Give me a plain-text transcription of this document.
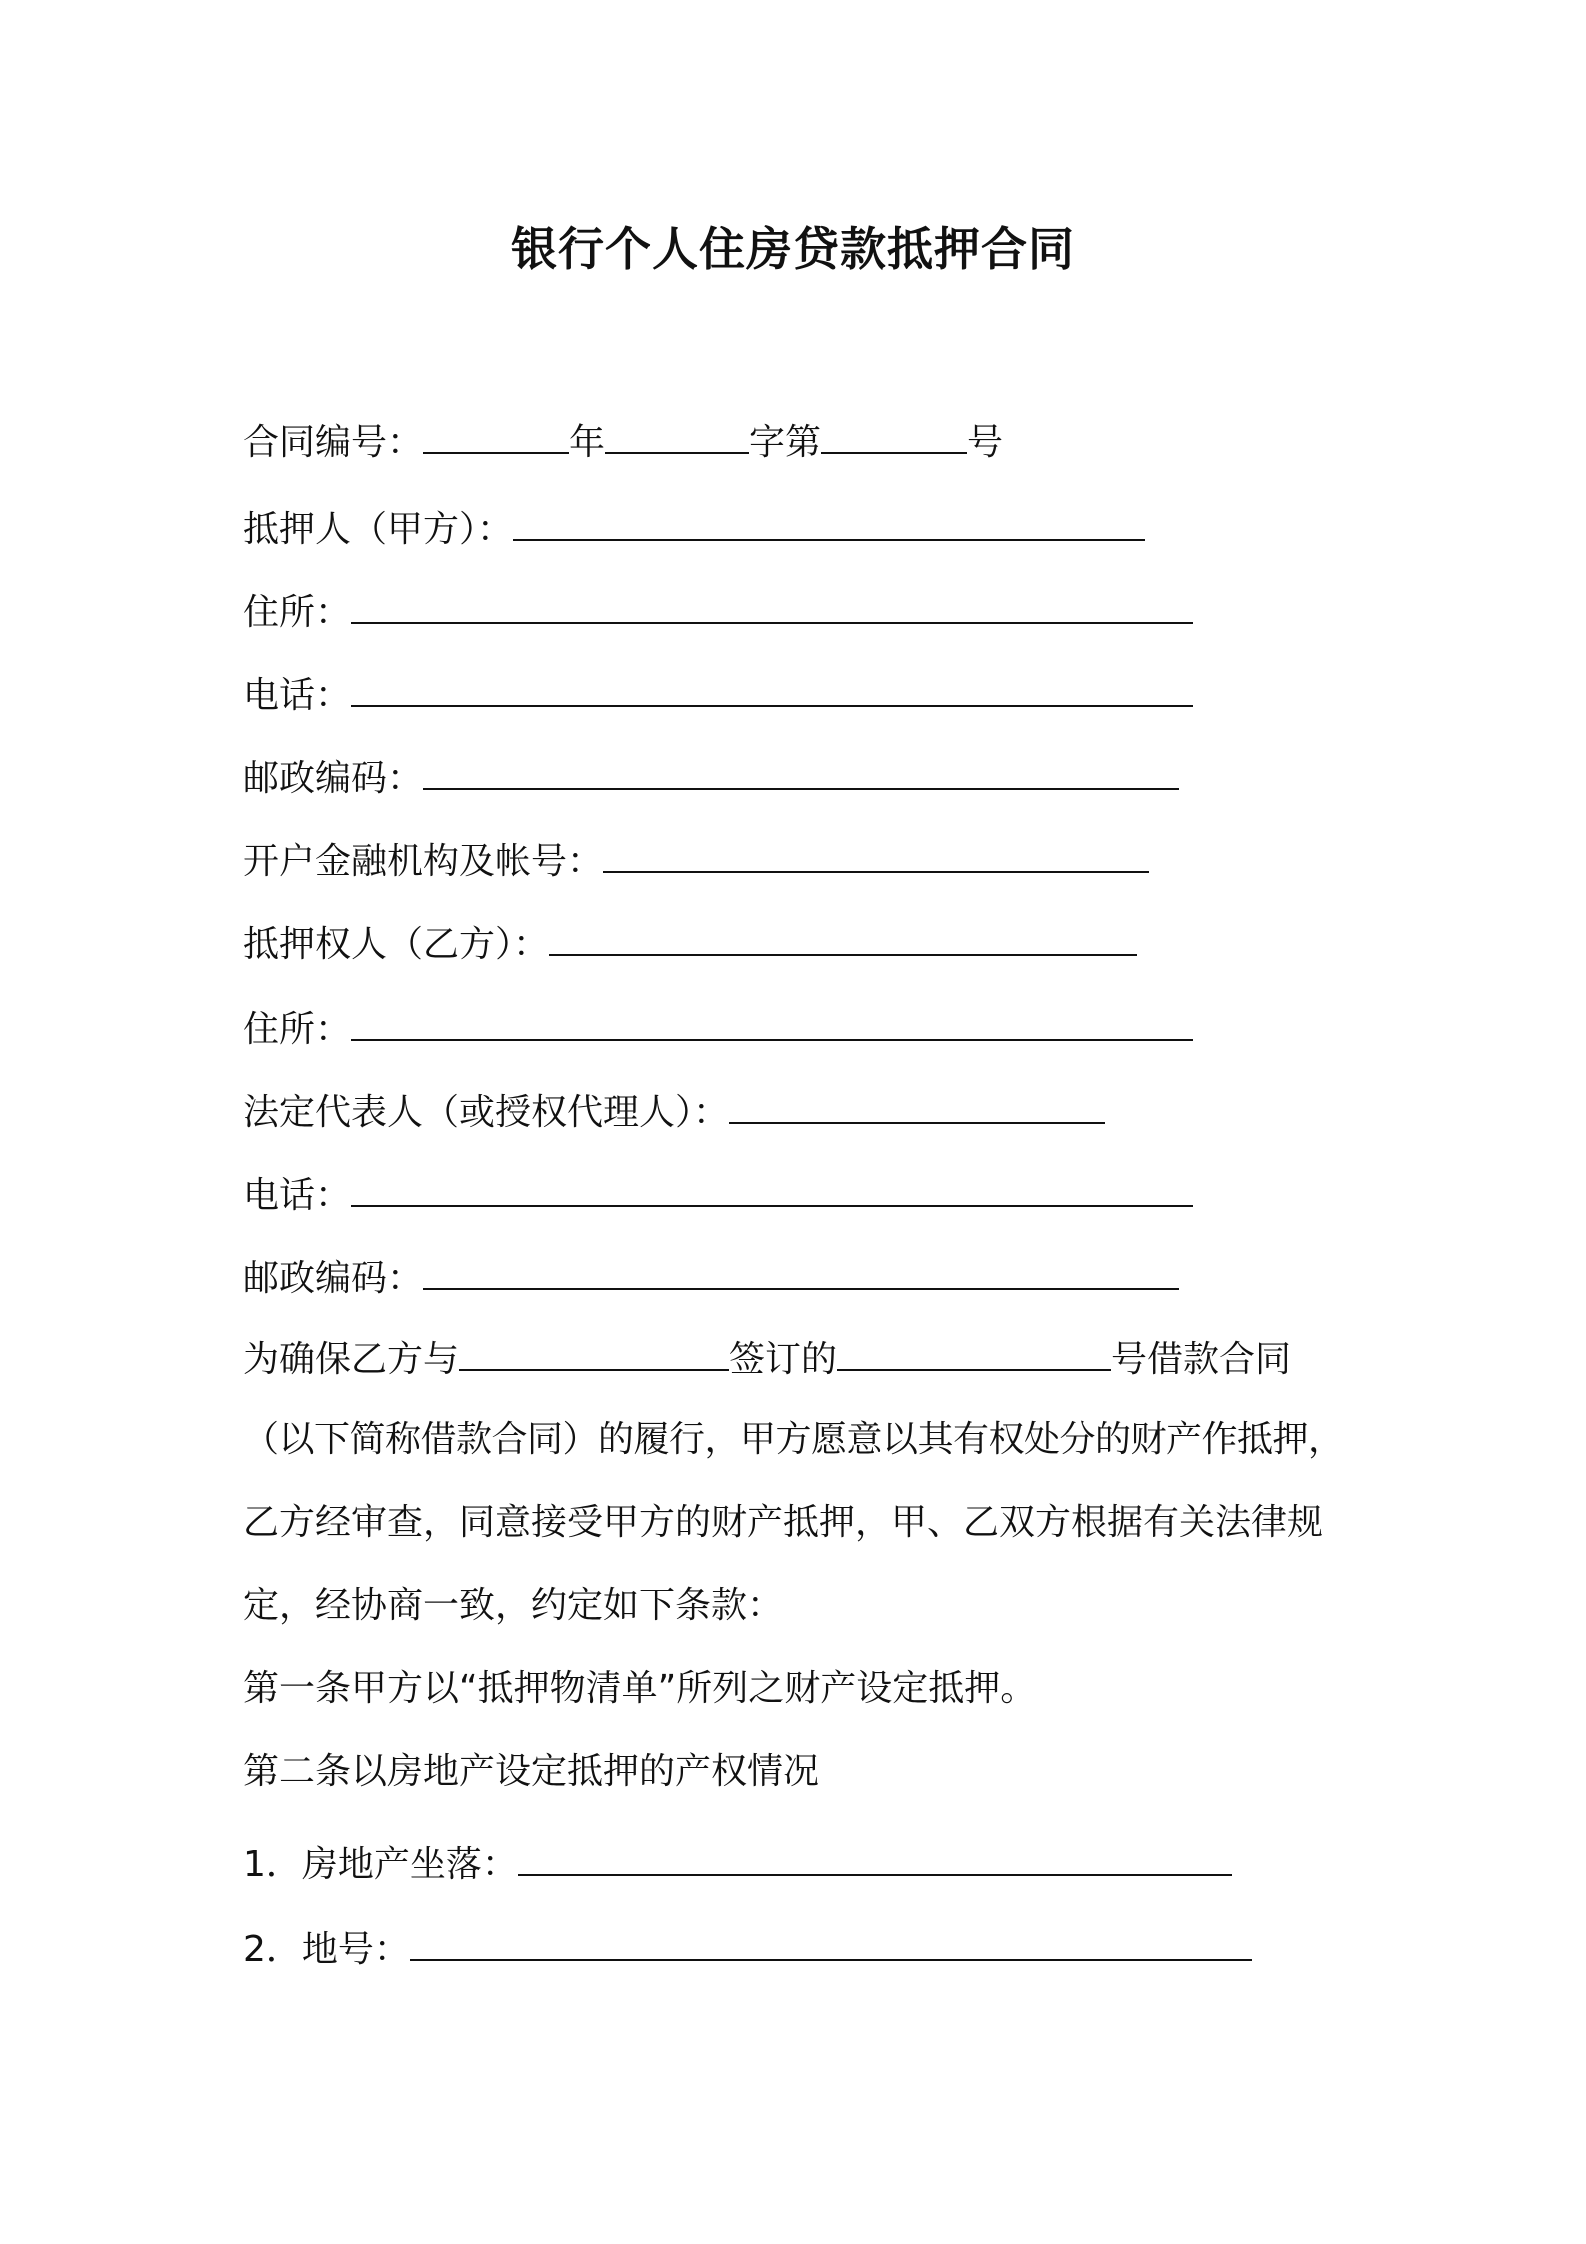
银行个人住房贷款抵押合同
合同编号：	年	字第	号
抵押人（甲方）：
住所：
电话：
邮政编码：
开户金融机构及帐号：
抵押权人（乙方）：
住所：
法定代表人（或授权代理人）：
电话：
邮政编码：
为确保乙方与	签订的	号借款合同
（以下简称借款合同）的履行，甲方愿意以其有权处分的财产作抵押，
乙方经审查，同意接受甲方的财产抵押，甲、乙双方根据有关法律规
定，经协商一致，约定如下条款：
第一条甲方以“抵押物清单”所列之财产设定抵押。
第二条以房地产设定抵押的产权情况
1．房地产坐落：
2．地号：
